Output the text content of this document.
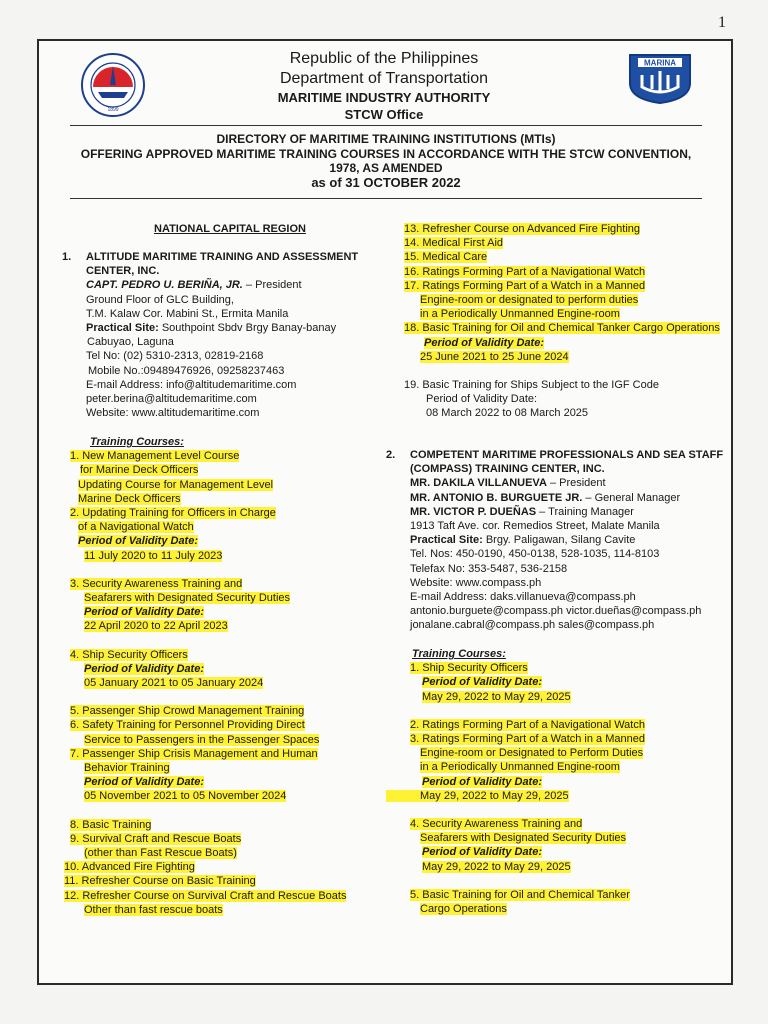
1
1899
MARINA
Republic of the Philippines
Department of Transportation
MARITIME INDUSTRY AUTHORITY
STCW Office
DIRECTORY OF MARITIME TRAINING INSTITUTIONS (MTIs)
OFFERING APPROVED MARITIME TRAINING COURSES IN ACCORDANCE WITH THE STCW CONVENTION,
1978, AS AMENDED
as of 31 OCTOBER 2022
NATIONAL CAPITAL REGION
1. ALTITUDE MARITIME TRAINING AND ASSESSMENT
CENTER, INC.
CAPT. PEDRO U. BERIÑA, JR. – President
Ground Floor of GLC Building,
T.M. Kalaw Cor. Mabini St., Ermita Manila
Practical Site: Southpoint Sbdv Brgy Banay-banay
Cabuyao, Laguna
Tel No: (02) 5310-2313, 02819-2168
Mobile No.:09489476926, 09258237463
E-mail Address: info@altitudemaritime.com
peter.berina@altitudemaritime.com
Website: www.altitudemaritime.com
Training Courses:
1. New Management Level Course
for Marine Deck Officers
Updating Course for Management Level
Marine Deck Officers
2. Updating Training for Officers in Charge
of a Navigational Watch
Period of Validity Date:
11 July 2020 to 11 July 2023
3. Security Awareness Training and
Seafarers with Designated Security Duties
Period of Validity Date:
22 April 2020 to 22 April 2023
4. Ship Security Officers
Period of Validity Date:
05 January 2021 to 05 January 2024
5. Passenger Ship Crowd Management Training
6. Safety Training for Personnel Providing Direct
Service to Passengers in the Passenger Spaces
7. Passenger Ship Crisis Management and Human
Behavior Training
Period of Validity Date:
05 November 2021 to 05 November 2024
8. Basic Training
9. Survival Craft and Rescue Boats
(other than Fast Rescue Boats)
10. Advanced Fire Fighting
11. Refresher Course on Basic Training
12. Refresher Course on Survival Craft and Rescue Boats
Other than fast rescue boats
13. Refresher Course on Advanced Fire Fighting
14. Medical First Aid
15. Medical Care
16. Ratings Forming Part of a Navigational Watch
17. Ratings Forming Part of a Watch in a Manned
Engine-room or designated to perform duties
in a Periodically Unmanned Engine-room
18. Basic Training for Oil and Chemical Tanker Cargo Operations
Period of Validity Date:
25 June 2021 to 25 June 2024
19. Basic Training for Ships Subject to the IGF Code
Period of Validity Date:
08 March 2022 to 08 March 2025
2. COMPETENT MARITIME PROFESSIONALS AND SEA STAFF
(COMPASS) TRAINING CENTER, INC.
MR. DAKILA VILLANUEVA – President
MR. ANTONIO B. BURGUETE JR. – General Manager
MR. VICTOR P. DUEÑAS – Training Manager
1913 Taft Ave. cor. Remedios Street, Malate Manila
Practical Site: Brgy. Paligawan, Silang Cavite
Tel. Nos: 450-0190, 450-0138, 528-1035, 114-8103
Telefax No: 353-5487, 536-2158
Website: www.compass.ph
E-mail Address: daks.villanueva@compass.ph
antonio.burguete@compass.ph victor.dueñas@compass.ph
jonalane.cabral@compass.ph sales@compass.ph
Training Courses:
1. Ship Security Officers
Period of Validity Date:
May 29, 2022 to May 29, 2025
2. Ratings Forming Part of a Navigational Watch
3. Ratings Forming Part of a Watch in a Manned
Engine-room or Designated to Perform Duties
in a Periodically Unmanned Engine-room
Period of Validity Date:
May 29, 2022 to May 29, 2025
4. Security Awareness Training and
Seafarers with Designated Security Duties
Period of Validity Date:
May 29, 2022 to May 29, 2025
5. Basic Training for Oil and Chemical Tanker
Cargo Operations
